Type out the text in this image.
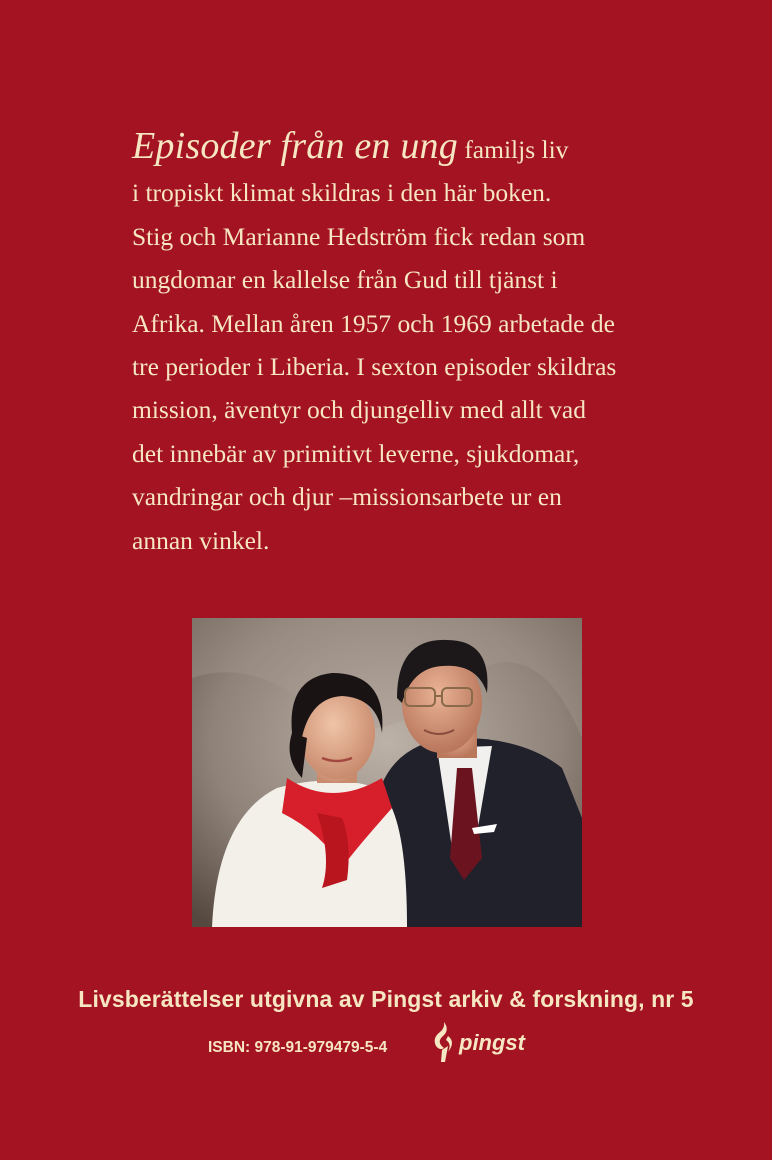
Episoder från en ung familjs liv
i tropiskt klimat skildras i den här boken.
Stig och Marianne Hedström fick redan som
ungdomar en kallelse från Gud till tjänst i
Afrika. Mellan åren 1957 och 1969 arbetade de
tre perioder i Liberia. I sexton episoder skildras
mission, äventyr och djungelliv med allt vad
det innebär av primitivt leverne, sjukdomar,
vandringar och djur –missionsarbete ur en
annan vinkel.
Livsberättelser utgivna av Pingst arkiv & forskning, nr 5
ISBN: 978-91-979479-5-4	pingst
